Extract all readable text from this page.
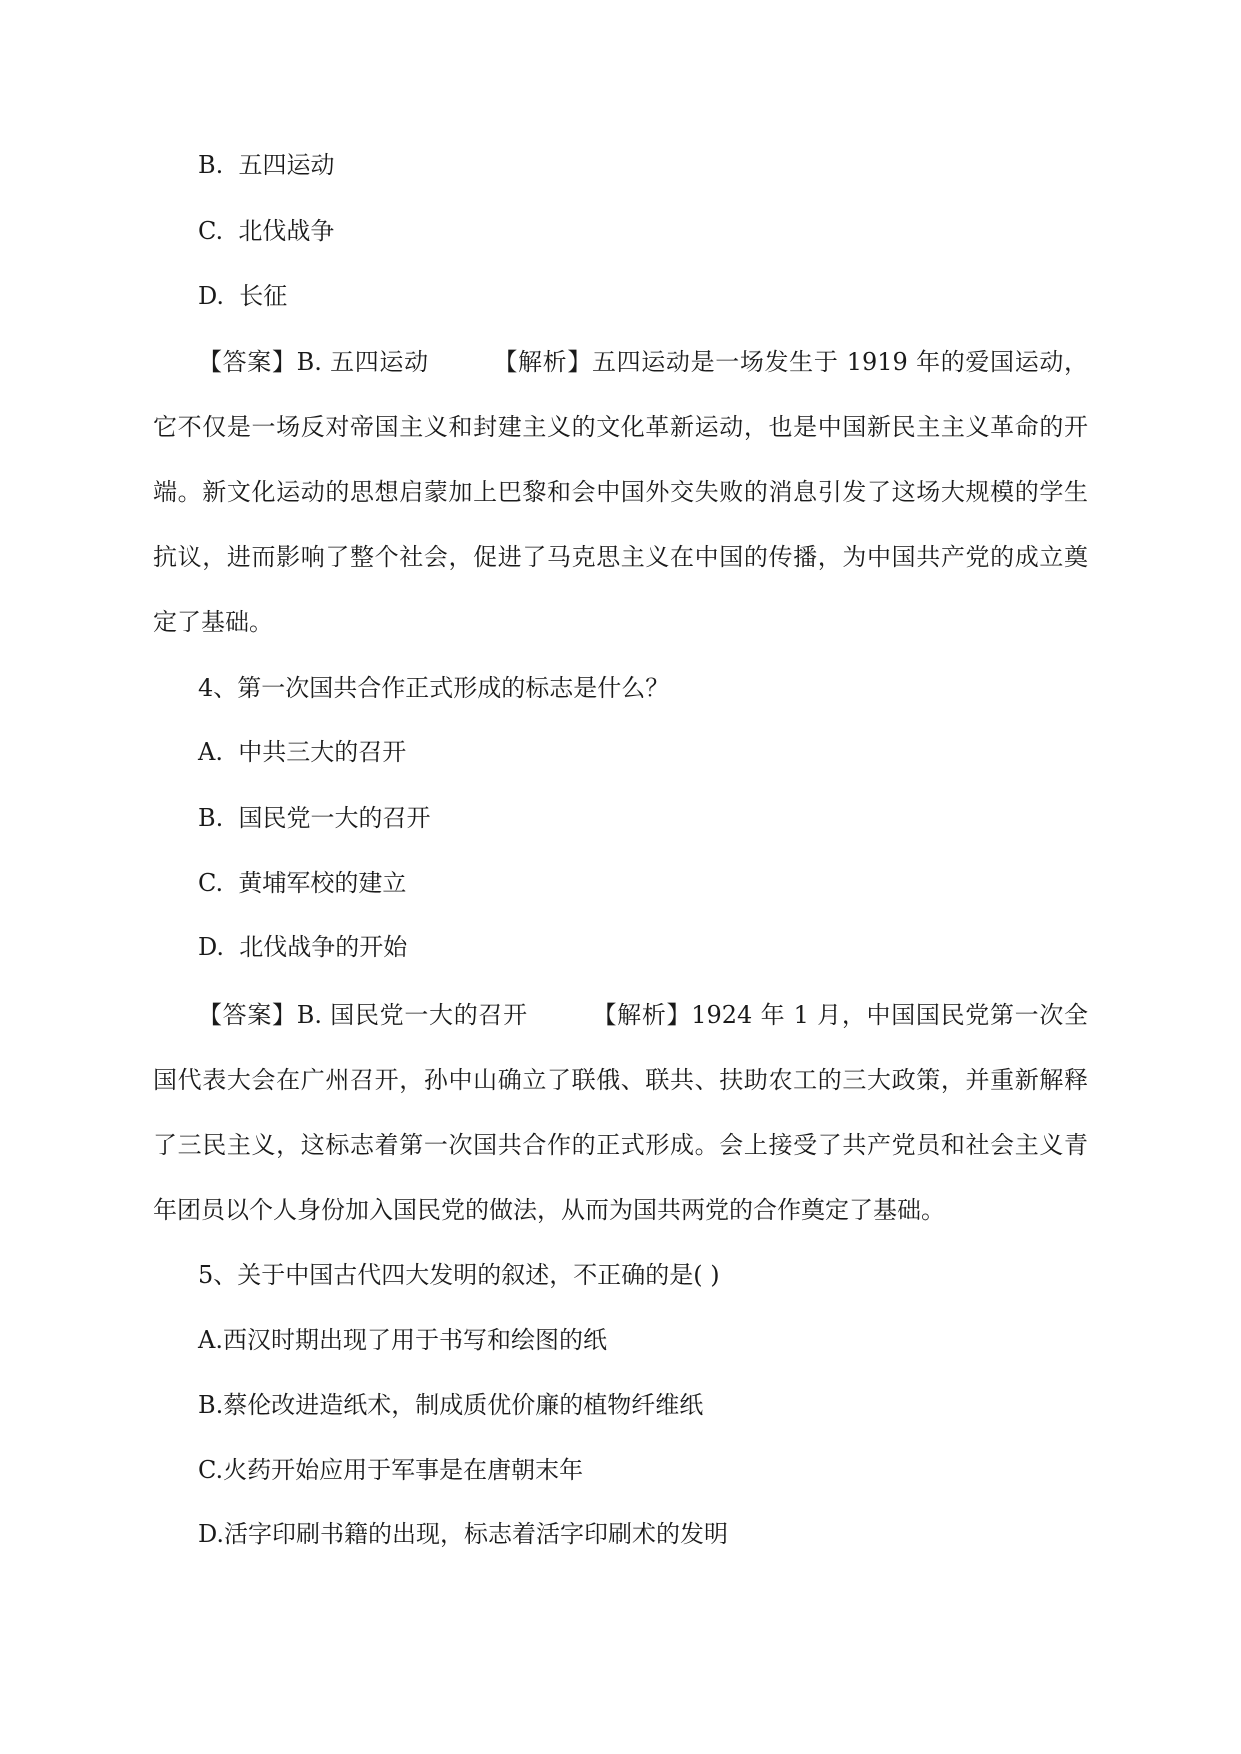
B. 五四运动
C. 北伐战争
D. 长征
【答案】B. 五四运动	【解析】五四运动是一场发生于 1919 年的爱国运动，它不仅是一场反对帝国主义和封建主义的文化革新运动，也是中国新民主主义革命的开端。新文化运动的思想启蒙加上巴黎和会中国外交失败的消息引发了这场大规模的学生抗议，进而影响了整个社会，促进了马克思主义在中国的传播，为中国共产党的成立奠定了基础。
4、第一次国共合作正式形成的标志是什么？
A. 中共三大的召开
B. 国民党一大的召开
C. 黄埔军校的建立
D. 北伐战争的开始
【答案】B. 国民党一大的召开	【解析】1924 年 1 月，中国国民党第一次全国代表大会在广州召开，孙中山确立了联俄、联共、扶助农工的三大政策，并重新解释了三民主义，这标志着第一次国共合作的正式形成。会上接受了共产党员和社会主义青年团员以个人身份加入国民党的做法，从而为国共两党的合作奠定了基础。
5、关于中国古代四大发明的叙述，不正确的是( )
A.西汉时期出现了用于书写和绘图的纸
B.蔡伦改进造纸术，制成质优价廉的植物纤维纸
C.火药开始应用于军事是在唐朝末年
D.活字印刷书籍的出现，标志着活字印刷术的发明
